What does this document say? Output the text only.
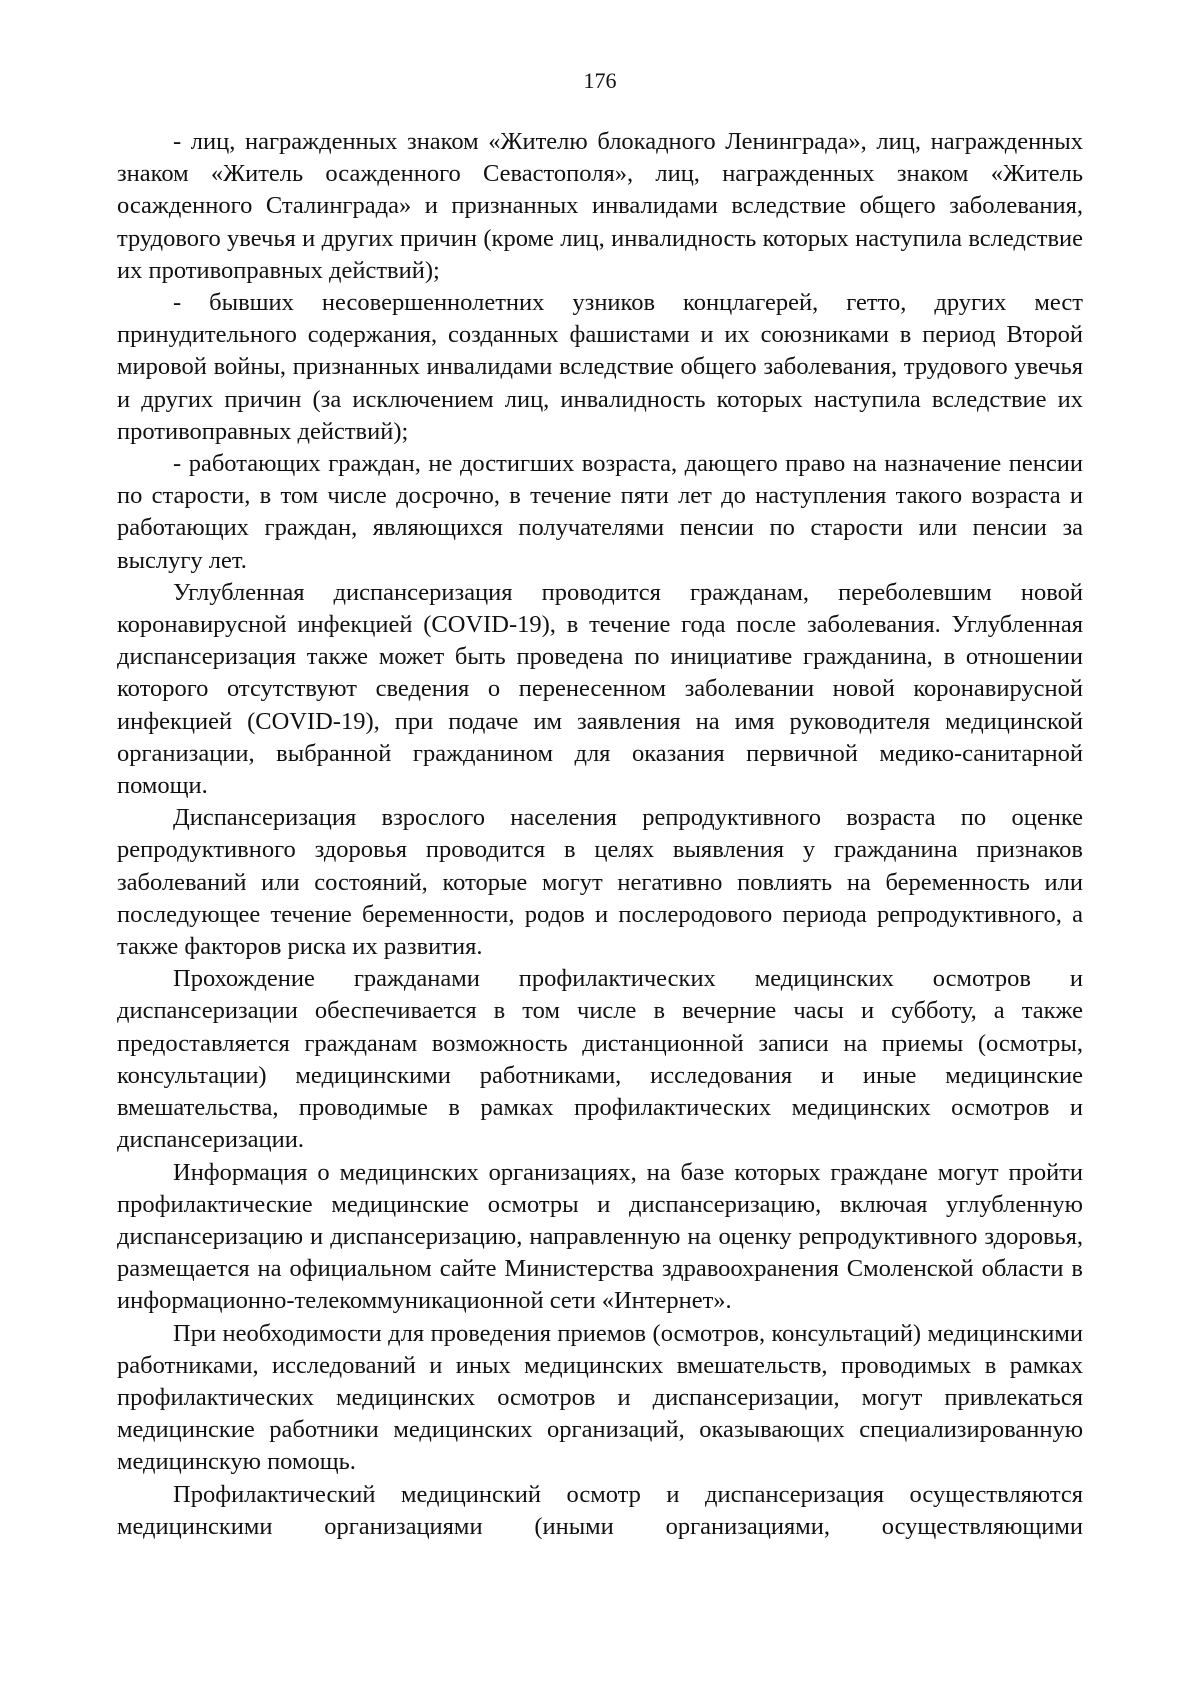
176

- лиц, награжденных знаком «Жителю блокадного Ленинграда», лиц, награжденных знаком «Житель осажденного Севастополя», лиц, награжденных знаком «Житель осажденного Сталинграда» и признанных инвалидами вследствие общего заболевания, трудового увечья и других причин (кроме лиц, инвалидность которых наступила вследствие их противоправных действий);

- бывших несовершеннолетних узников концлагерей, гетто, других мест принудительного содержания, созданных фашистами и их союзниками в период Второй мировой войны, признанных инвалидами вследствие общего заболевания, трудового увечья и других причин (за исключением лиц, инвалидность которых наступила вследствие их противоправных действий);

- работающих граждан, не достигших возраста, дающего право на назначение пенсии по старости, в том числе досрочно, в течение пяти лет до наступления такого возраста и работающих граждан, являющихся получателями пенсии по старости или пенсии за выслугу лет.

Углубленная диспансеризация проводится гражданам, переболевшим новой коронавирусной инфекцией (COVID-19), в течение года после заболевания. Углубленная диспансеризация также может быть проведена по инициативе гражданина, в отношении которого отсутствуют сведения о перенесенном заболевании новой коронавирусной инфекцией (COVID-19), при подаче им заявления на имя руководителя медицинской организации, выбранной гражданином для оказания первичной медико-санитарной помощи.

Диспансеризация взрослого населения репродуктивного возраста по оценке репродуктивного здоровья проводится в целях выявления у гражданина признаков заболеваний или состояний, которые могут негативно повлиять на беременность или последующее течение беременности, родов и послеродового периода репродуктивного, а также факторов риска их развития.

Прохождение гражданами профилактических медицинских осмотров и диспансеризации обеспечивается в том числе в вечерние часы и субботу, а также предоставляется гражданам возможность дистанционной записи на приемы (осмотры, консультации) медицинскими работниками, исследования и иные медицинские вмешательства, проводимые в рамках профилактических медицинских осмотров и диспансеризации.

Информация о медицинских организациях, на базе которых граждане могут пройти профилактические медицинские осмотры и диспансеризацию, включая углубленную диспансеризацию и диспансеризацию, направленную на оценку репродуктивного здоровья, размещается на официальном сайте Министерства здравоохранения Смоленской области в информационно-телекоммуникационной сети «Интернет».

При необходимости для проведения приемов (осмотров, консультаций) медицинскими работниками, исследований и иных медицинских вмешательств, проводимых в рамках профилактических медицинских осмотров и диспансеризации, могут привлекаться медицинские работники медицинских организаций, оказывающих специализированную медицинскую помощь.

Профилактический медицинский осмотр и диспансеризация осуществляются медицинскими организациями (иными организациями, осуществляющими
